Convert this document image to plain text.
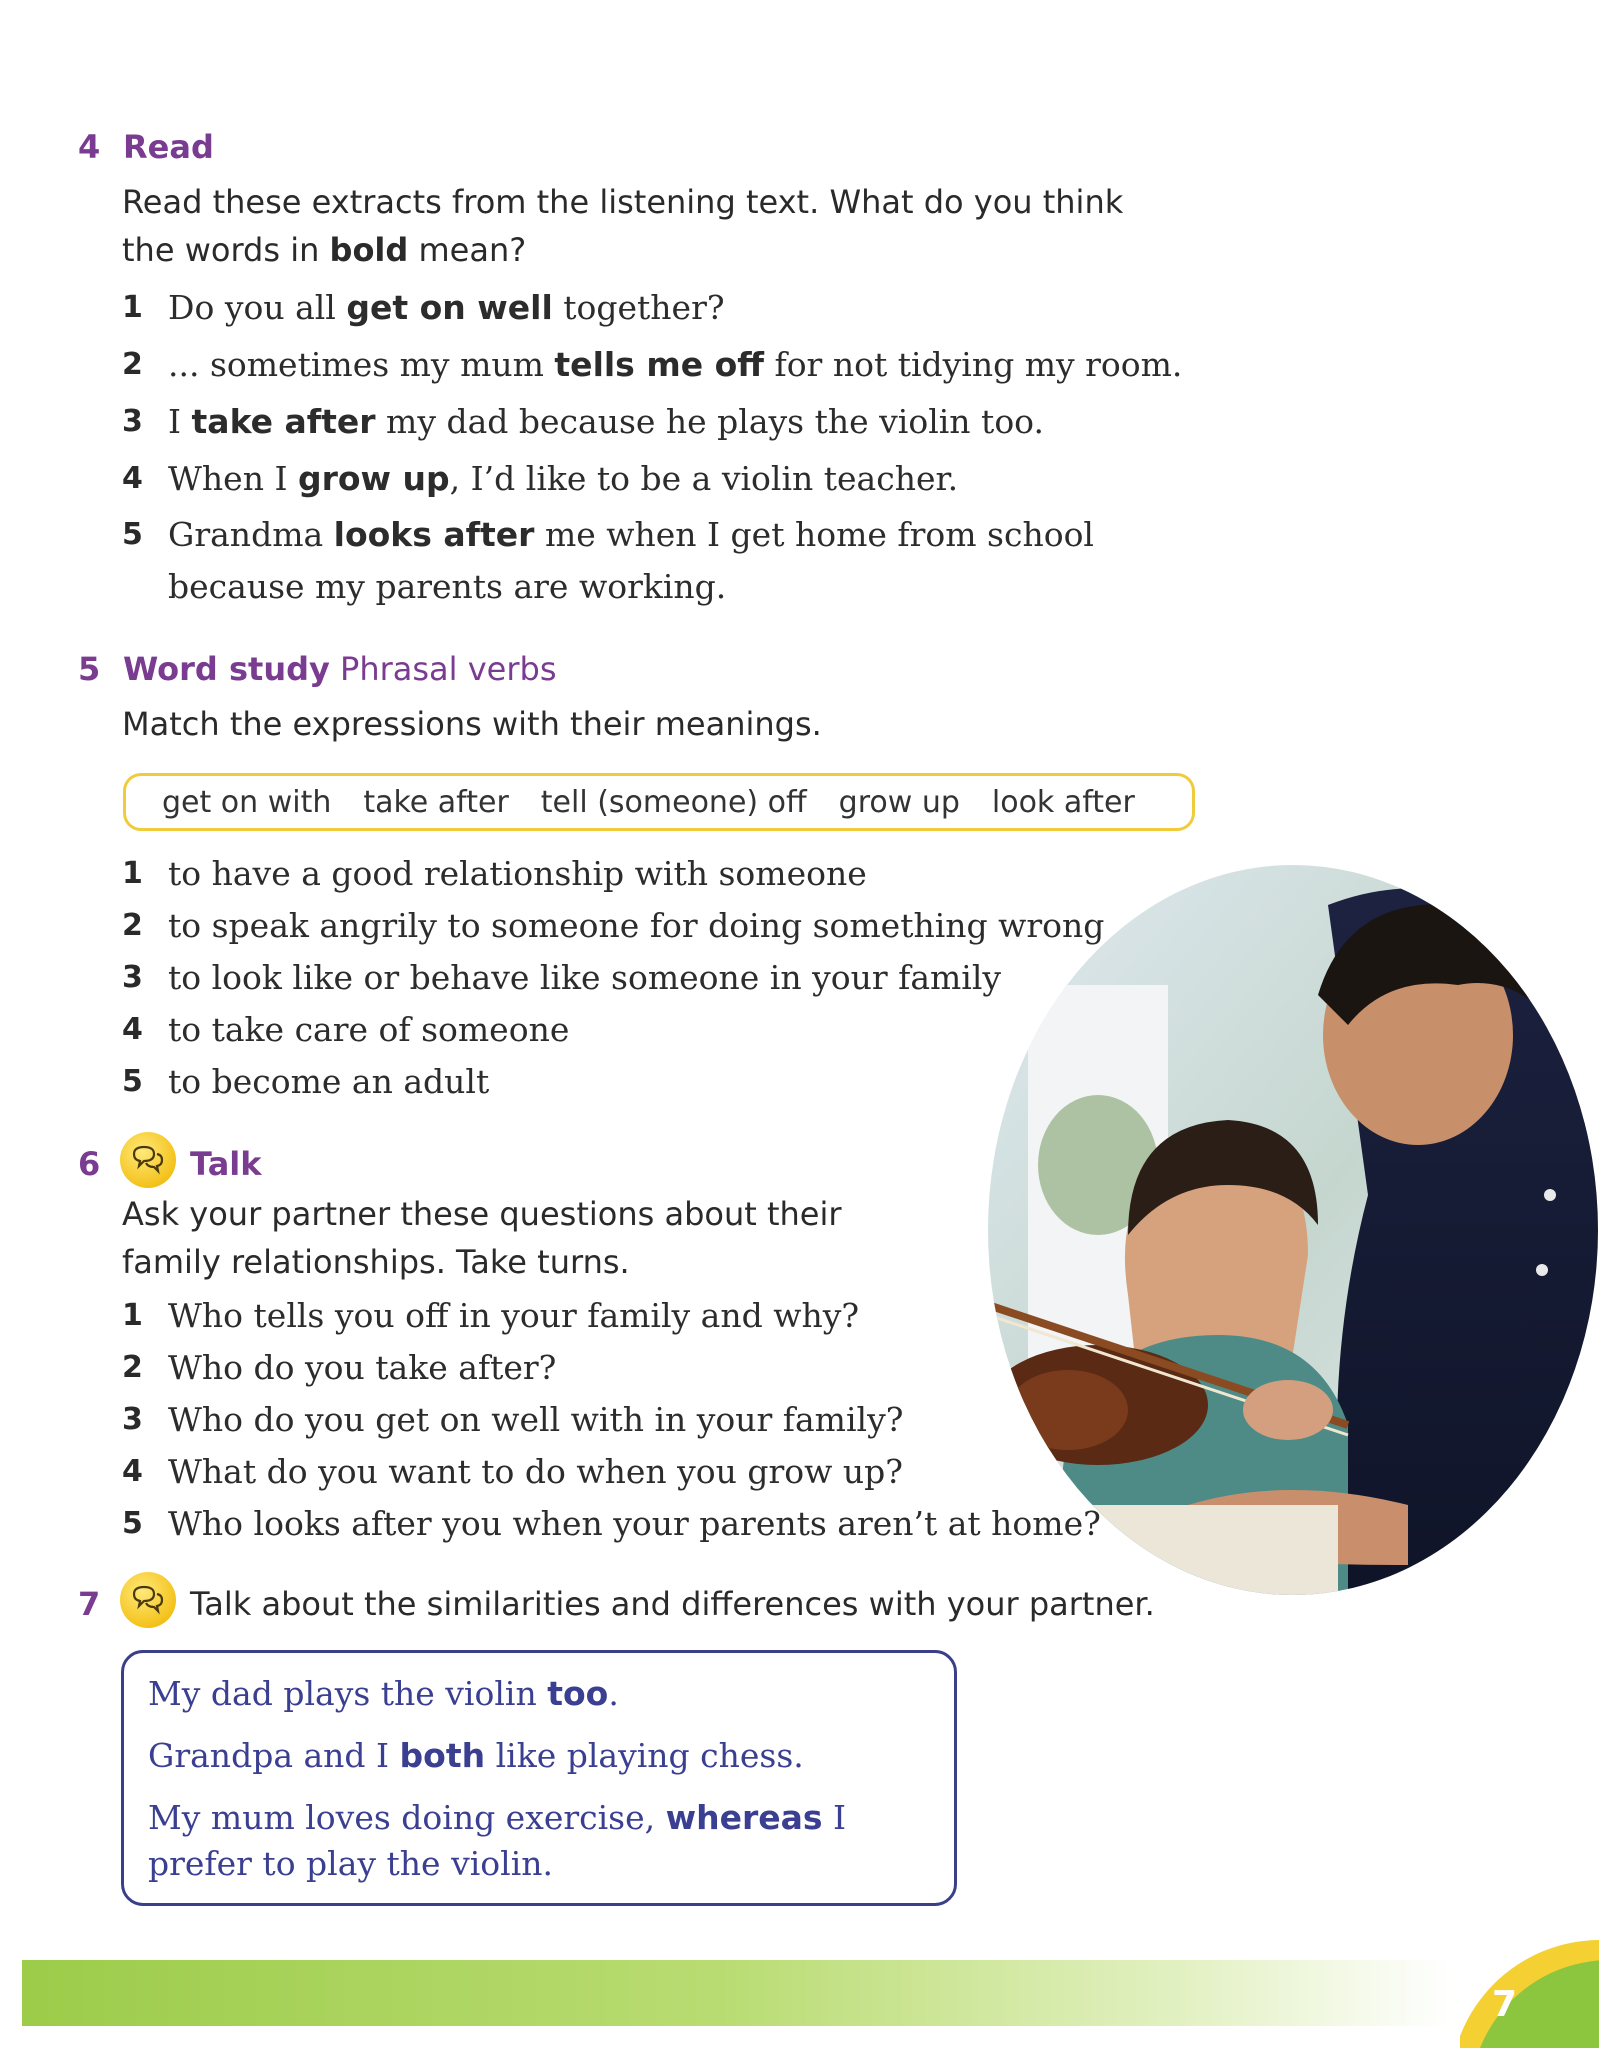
4 Read
Read these extracts from the listening text. What do you think
the words in bold mean?
1 Do you all get on well together?
2 ... sometimes my mum tells me off for not tidying my room.
3 I take after my dad because he plays the violin too.
4 When I grow up, I’d like to be a violin teacher.
5 Grandma looks after me when I get home from school because my parents are working.
5 Word study Phrasal verbs
Match the expressions with their meanings.
get on with take after tell (someone) off grow up look after
1 to have a good relationship with someone
2 to speak angrily to someone for doing something wrong
3 to look like or behave like someone in your family
4 to take care of someone
5 to become an adult
6	Talk
Ask your partner these questions about their
family relationships. Take turns.
1 Who tells you off in your family and why?
2 Who do you take after?
3 Who do you get on well with in your family?
4 What do you want to do when you grow up?
5 Who looks after you when your parents aren’t at home?
7	Talk about the similarities and differences with your partner.

My dad plays the violin too.

Grandpa and I both like playing chess.

My mum loves doing exercise, whereas I prefer to play the violin.

7
